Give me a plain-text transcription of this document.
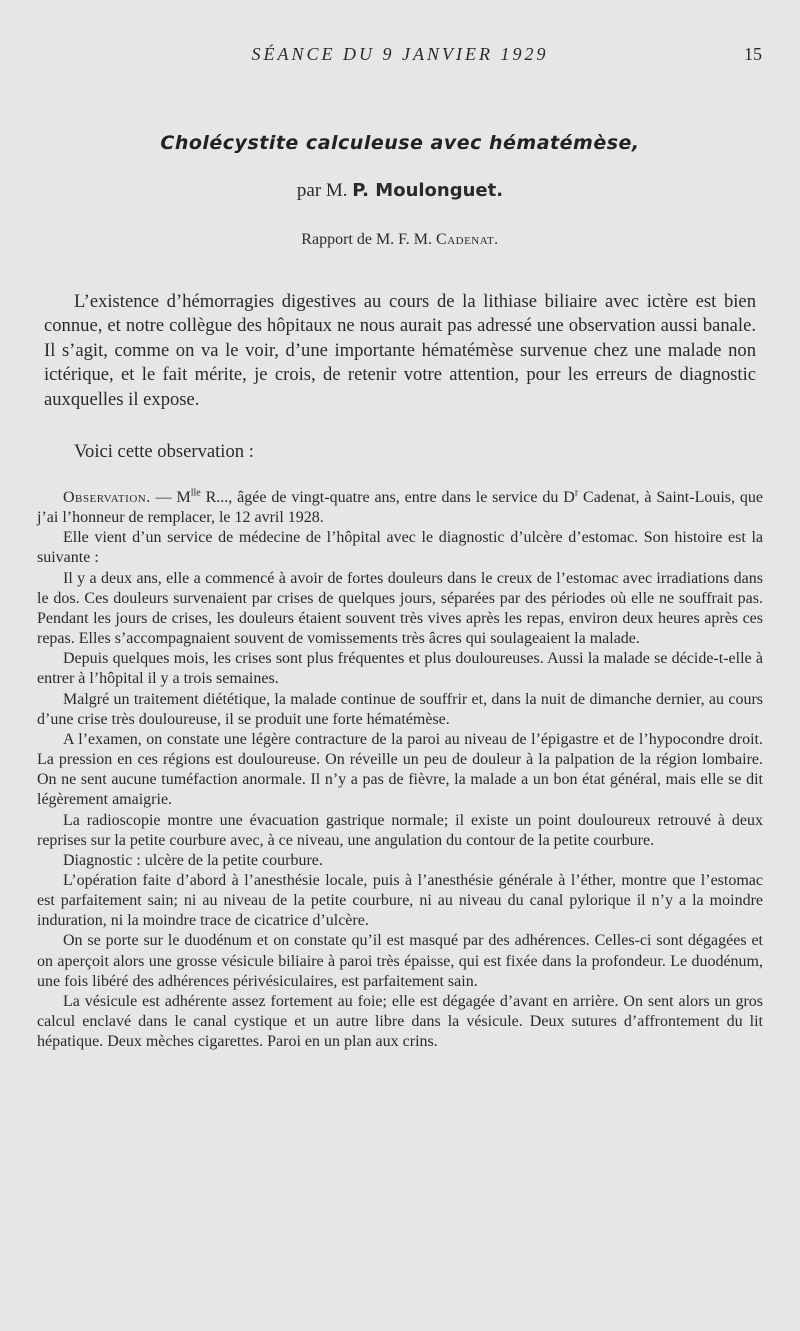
SÉANCE DU 9 JANVIER 1929	15
Cholécystite calculeuse avec hématémèse,
par M. P. Moulonguet.
Rapport de M. F. M. Cadenat.

L’existence d’hémorragies digestives au cours de la lithiase biliaire avec ictère est bien connue, et notre collègue des hôpitaux ne nous aurait pas adressé une observation aussi banale. Il s’agit, comme on va le voir, d’une importante hématémèse survenue chez une malade non ictérique, et le fait mérite, je crois, de retenir votre attention, pour les erreurs de diagnostic auxquelles il expose.

Voici cette observation :

Observation. — $M^{lle}$ R..., âgée de vingt-quatre ans, entre dans le service du $D^r$ Cadenat, à Saint-Louis, que j’ai l’honneur de remplacer, le 12 avril 1928.

Elle vient d’un service de médecine de l’hôpital avec le diagnostic d’ulcère d’estomac. Son histoire est la suivante :

Il y a deux ans, elle a commencé à avoir de fortes douleurs dans le creux de l’estomac avec irradiations dans le dos. Ces douleurs survenaient par crises de quelques jours, séparées par des périodes où elle ne souffrait pas. Pendant les jours de crises, les douleurs étaient souvent très vives après les repas, environ deux heures après ces repas. Elles s’accompagnaient souvent de vomissements très âcres qui soulageaient la malade.

Depuis quelques mois, les crises sont plus fréquentes et plus douloureuses. Aussi la malade se décide-t-elle à entrer à l’hôpital il y a trois semaines.

Malgré un traitement diététique, la malade continue de souffrir et, dans la nuit de dimanche dernier, au cours d’une crise très douloureuse, il se produit une forte hématémèse.

A l’examen, on constate une légère contracture de la paroi au niveau de l’épigastre et de l’hypocondre droit. La pression en ces régions est douloureuse. On réveille un peu de douleur à la palpation de la région lombaire. On ne sent aucune tuméfaction anormale. Il n’y a pas de fièvre, la malade a un bon état général, mais elle se dit légèrement amaigrie.

La radioscopie montre une évacuation gastrique normale; il existe un point douloureux retrouvé à deux reprises sur la petite courbure avec, à ce niveau, une angulation du contour de la petite courbure.

Diagnostic : ulcère de la petite courbure.

L’opération faite d’abord à l’anesthésie locale, puis à l’anesthésie générale à l’éther, montre que l’estomac est parfaitement sain; ni au niveau de la petite courbure, ni au niveau du canal pylorique il n’y a la moindre induration, ni la moindre trace de cicatrice d’ulcère.

On se porte sur le duodénum et on constate qu’il est masqué par des adhérences. Celles-ci sont dégagées et on aperçoit alors une grosse vésicule biliaire à paroi très épaisse, qui est fixée dans la profondeur. Le duodénum, une fois libéré des adhérences périvésiculaires, est parfaitement sain.

La vésicule est adhérente assez fortement au foie; elle est dégagée d’avant en arrière. On sent alors un gros calcul enclavé dans le canal cystique et un autre libre dans la vésicule. Deux sutures d’affrontement du lit hépatique. Deux mèches cigarettes. Paroi en un plan aux crins.
